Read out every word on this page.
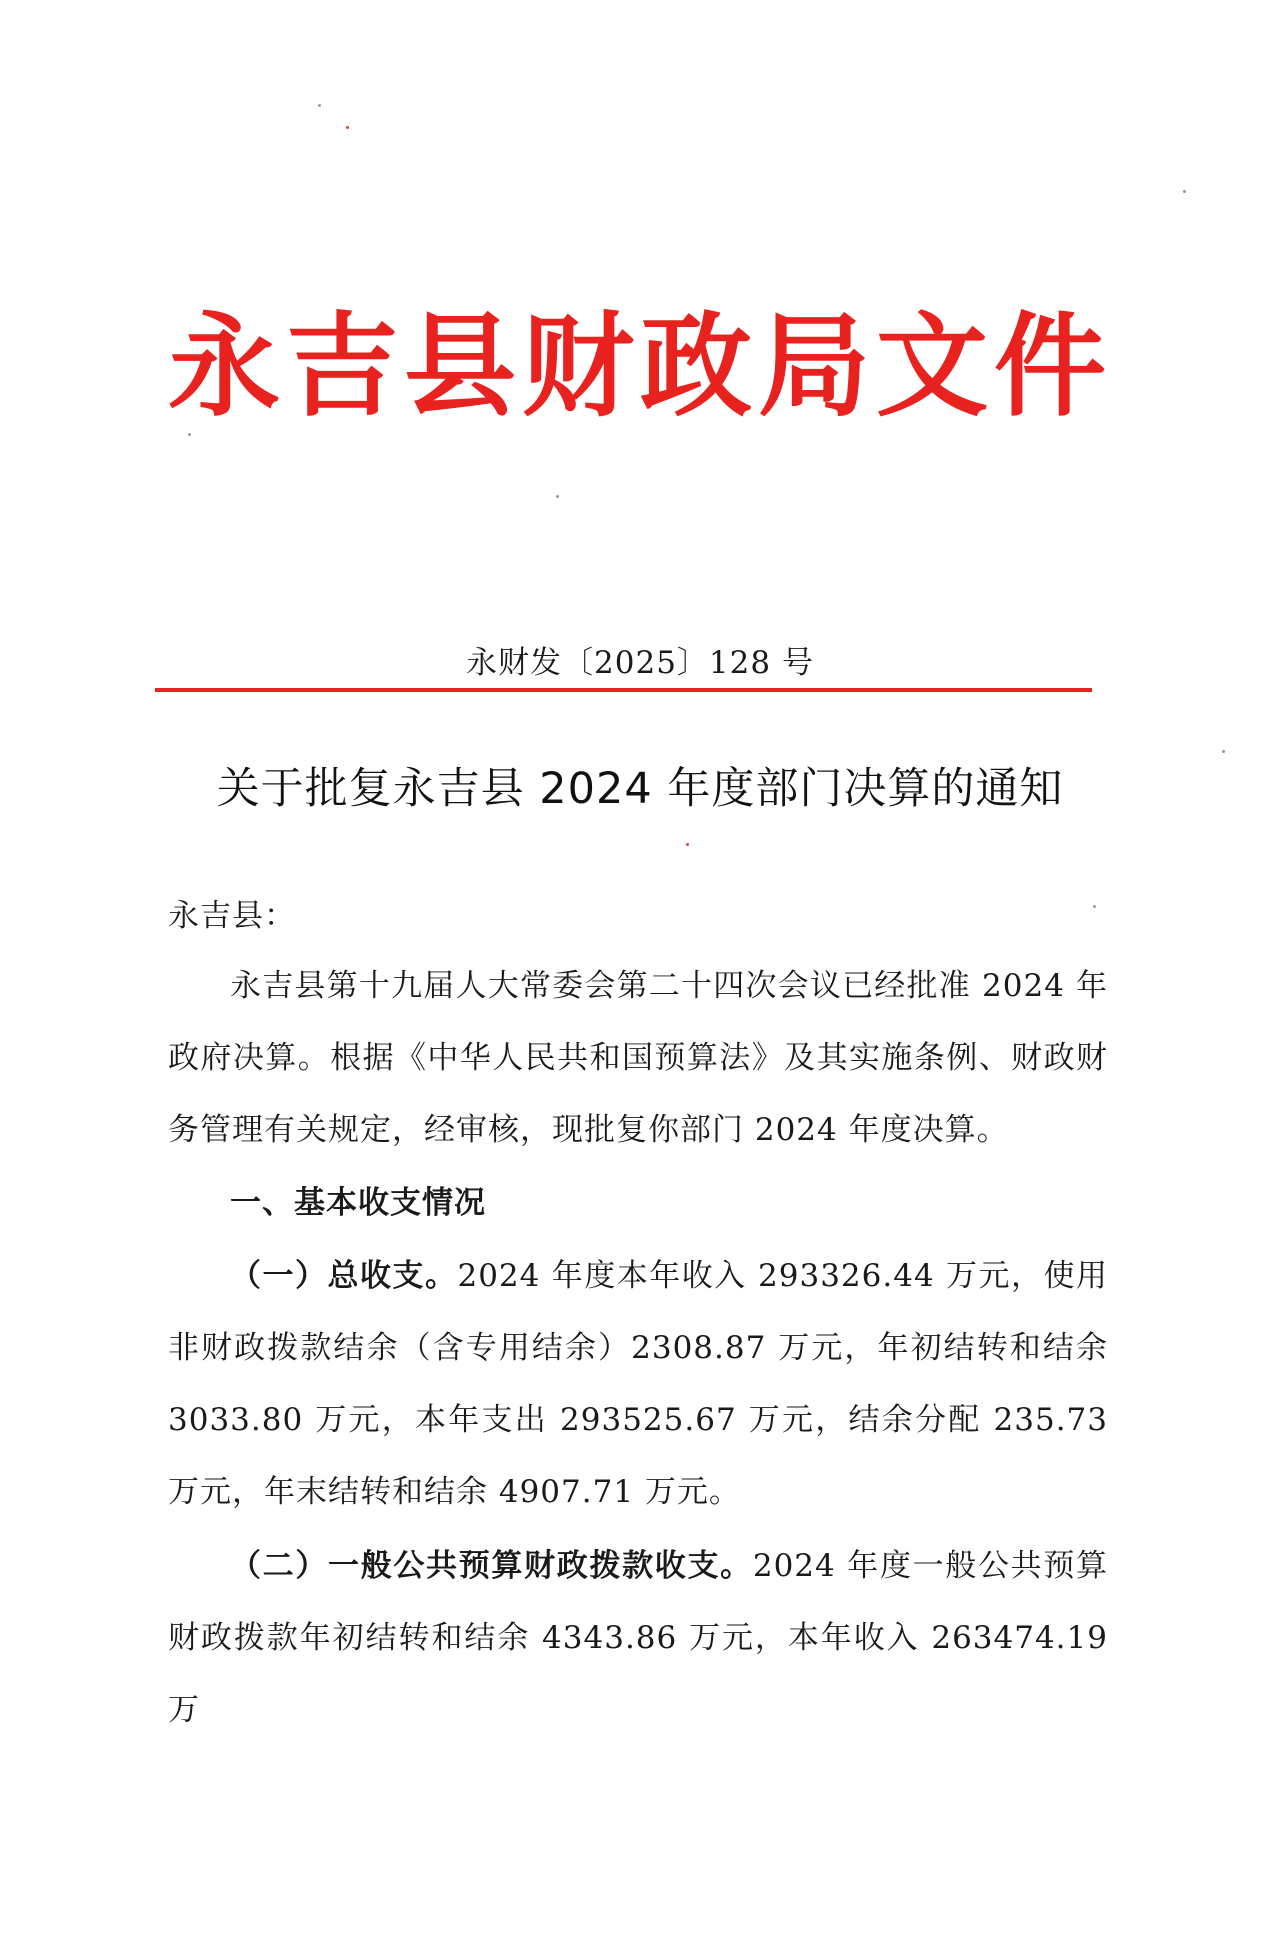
永吉县财政局文件
永财发〔2025〕128 号
关于批复永吉县 2024 年度部门决算的通知
永吉县：
永吉县第十九届人大常委会第二十四次会议已经批准 2024 年政府决算。根据《中华人民共和国预算法》及其实施条例、财政财务管理有关规定，经审核，现批复你部门 2024 年度决算。
一、基本收支情况
（一）总收支。2024 年度本年收入 293326.44 万元，使用非财政拨款结余（含专用结余）2308.87 万元，年初结转和结余 3033.80 万元，本年支出 293525.67 万元，结余分配 235.73 万元，年末结转和结余 4907.71 万元。
（二）一般公共预算财政拨款收支。2024 年度一般公共预算财政拨款年初结转和结余 4343.86 万元，本年收入 263474.19 万
